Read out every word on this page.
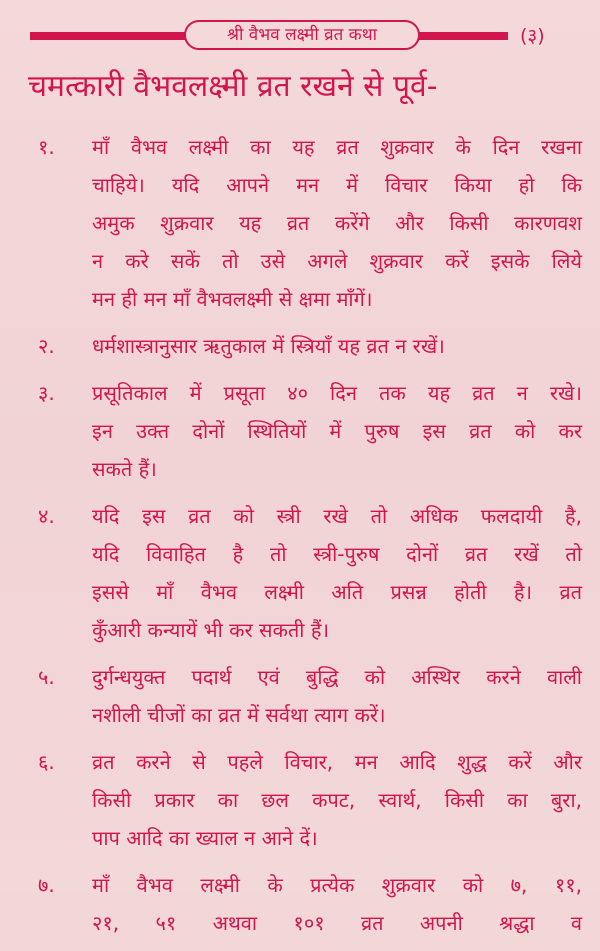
श्री वैभव लक्ष्मी व्रत कथा	(३)
चमत्कारी वैभवलक्ष्मी व्रत रखने से पूर्व-
१. माँ वैभव लक्ष्मी का यह व्रत शुक्रवार के दिन रखना
चाहिये। यदि आपने मन में विचार किया हो कि
अमुक शुक्रवार यह व्रत करेंगे और किसी कारणवश
न करे सकें तो उसे अगले शुक्रवार करें इसके लिये
मन ही मन माँ वैभवलक्ष्मी से क्षमा माँगें।
२. धर्मशास्त्रानुसार ऋतुकाल में स्त्रियाँ यह व्रत न रखें।
३. प्रसूतिकाल में प्रसूता ४० दिन तक यह व्रत न रखे।
इन उक्त दोनों स्थितियों में पुरुष इस व्रत को कर
सकते हैं।
४. यदि इस व्रत को स्त्री रखे तो अधिक फलदायी है,
यदि विवाहित है तो स्त्री-पुरुष दोनों व्रत रखें तो
इससे माँ वैभव लक्ष्मी अति प्रसन्न होती है। व्रत
कुँआरी कन्यायें भी कर सकती हैं।
५. दुर्गन्धयुक्त पदार्थ एवं बुद्धि को अस्थिर करने वाली
नशीली चीजों का व्रत में सर्वथा त्याग करें।
६. व्रत करने से पहले विचार, मन आदि शुद्ध करें और
किसी प्रकार का छल कपट, स्वार्थ, किसी का बुरा,
पाप आदि का ख्याल न आने दें।
७. माँ वैभव लक्ष्मी के प्रत्येक शुक्रवार को ७, ११,
२१, ५१ अथवा १०१ व्रत अपनी श्रद्धा व
